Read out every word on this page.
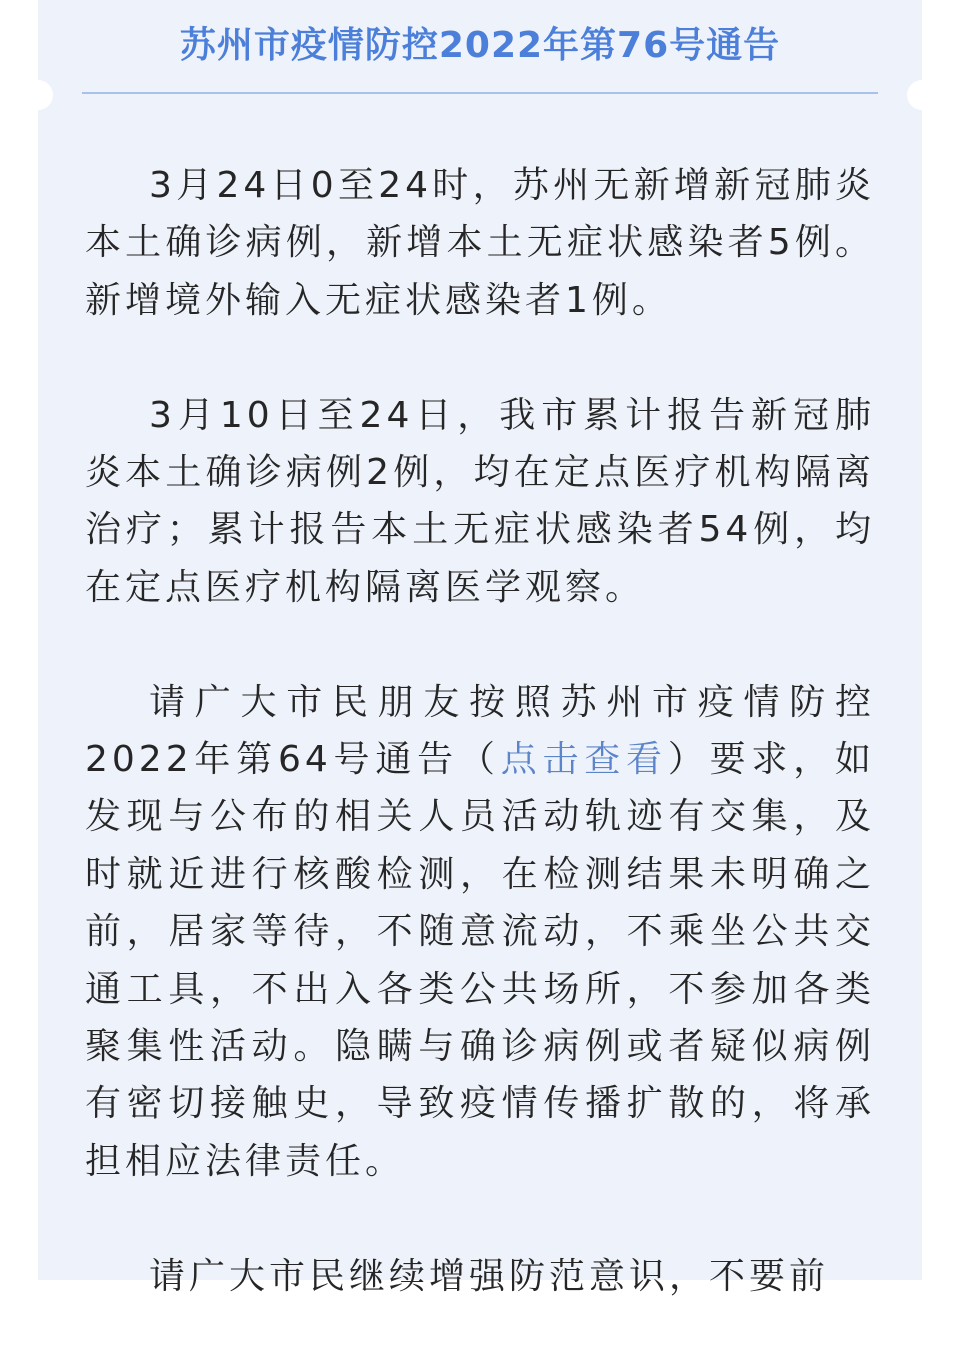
苏州市疫情防控2022年第76号通告

3月24日0至24时，苏州无新增新冠肺炎本土确诊病例，新增本土无症状感染者5例。新增境外输入无症状感染者1例。

3月10日至24日，我市累计报告新冠肺炎本土确诊病例2例，均在定点医疗机构隔离治疗；累计报告本土无症状感染者54例，均在定点医疗机构隔离医学观察。

请广大市民朋友按照苏州市疫情防控2022年第64号通告（点击查看）要求，如发现与公布的相关人员活动轨迹有交集，及时就近进行核酸检测，在检测结果未明确之前，居家等待，不随意流动，不乘坐公共交通工具，不出入各类公共场所，不参加各类聚集性活动。隐瞒与确诊病例或者疑似病例有密切接触史，导致疫情传播扩散的，将承担相应法律责任。

请广大市民继续增强防范意识，不要前
